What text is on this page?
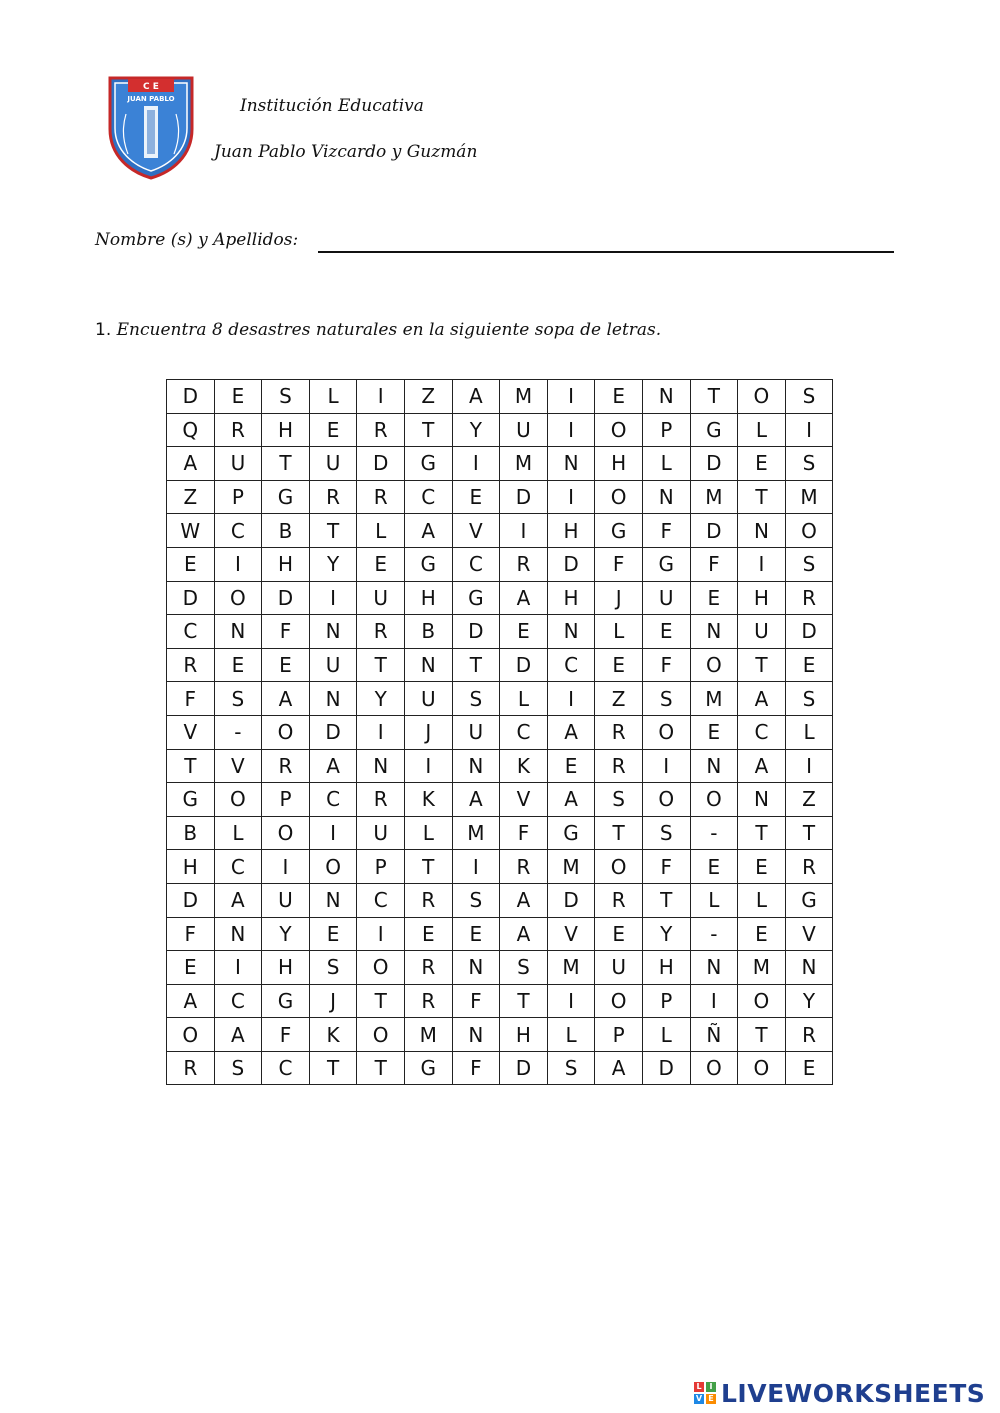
C E
JUAN PABLO	Institución Educativa
Juan Pablo Vizcardo y Guzmán
Nombre (s) y Apellidos:
1. Encuentra 8 desastres naturales en la siguiente sopa de letras.
D	E	S	L	I	Z	A	M	I	E	N	T	O	S
Q	R	H	E	R	T	Y	U	I	O	P	G	L	I
A	U	T	U	D	G	I	M	N	H	L	D	E	S
Z	P	G	R	R	C	E	D	I	O	N	M	T	M
W	C	B	T	L	A	V	I	H	G	F	D	N	O
E	I	H	Y	E	G	C	R	D	F	G	F	I	S
D	O	D	I	U	H	G	A	H	J	U	E	H	R
C	N	F	N	R	B	D	E	N	L	E	N	U	D
R	E	E	U	T	N	T	D	C	E	F	O	T	E
F	S	A	N	Y	U	S	L	I	Z	S	M	A	S
V	-	O	D	I	J	U	C	A	R	O	E	C	L
T	V	R	A	N	I	N	K	E	R	I	N	A	I
G	O	P	C	R	K	A	V	A	S	O	O	N	Z
B	L	O	I	U	L	M	F	G	T	S	-	T	T
H	C	I	O	P	T	I	R	M	O	F	E	E	R
D	A	U	N	C	R	S	A	D	R	T	L	L	G
F	N	Y	E	I	E	E	A	V	E	Y	-	E	V
E	I	H	S	O	R	N	S	M	U	H	N	M	N
A	C	G	J	T	R	F	T	I	O	P	I	O	Y
O	A	F	K	O	M	N	H	L	P	L	Ñ	T	R
R	S	C	T	T	G	F	D	S	A	D	O	O	E
L I
V E LIVEWORKSHEETS
